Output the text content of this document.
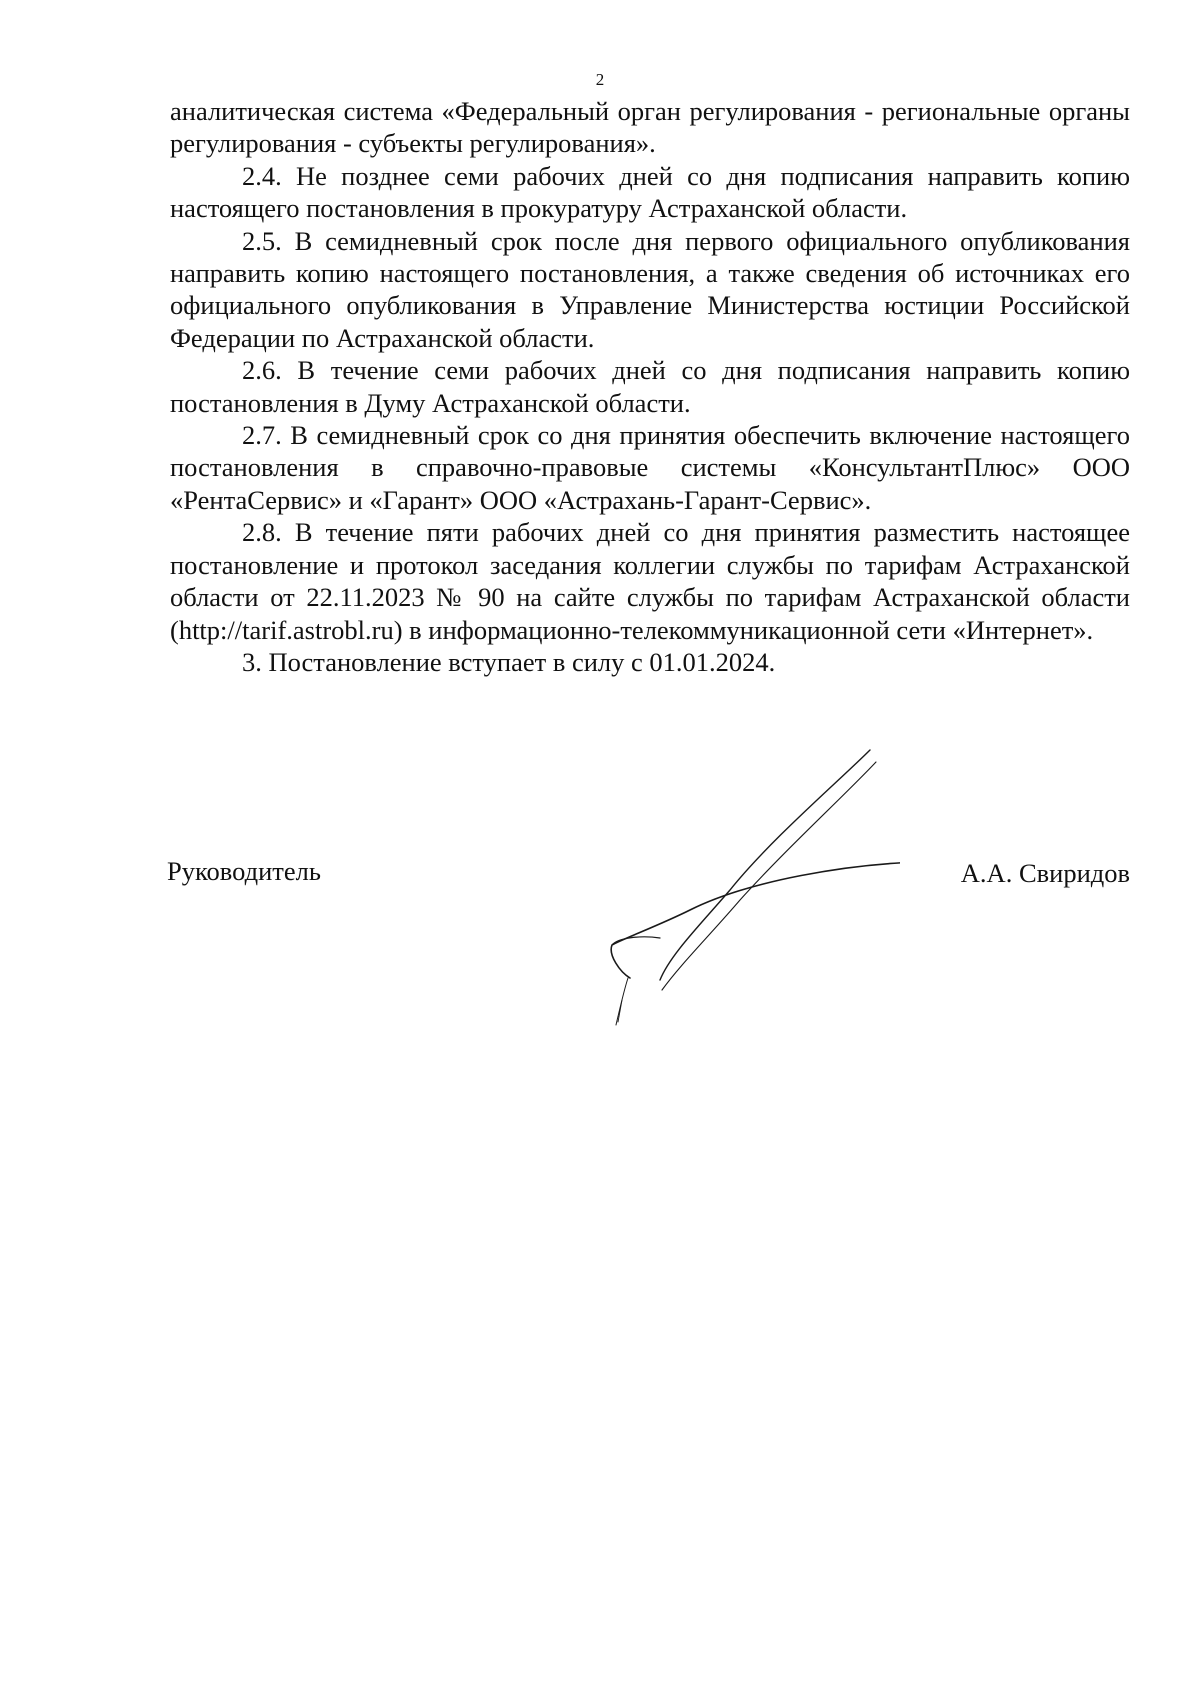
2

аналитическая система «Федеральный орган регулирования - региональные органы регулирования - субъекты регулирования».

2.4. Не позднее семи рабочих дней со дня подписания направить копию настоящего постановления в прокуратуру Астраханской области.

2.5. В семидневный срок после дня первого официального опубликования направить копию настоящего постановления, а также сведения об источниках его официального опубликования в Управление Министерства юстиции Российской Федерации по Астраханской области.

2.6. В течение семи рабочих дней со дня подписания направить копию постановления в Думу Астраханской области.

2.7. В семидневный срок со дня принятия обеспечить включение настоящего постановления в справочно-правовые системы «КонсультантПлюс» ООО «РентаСервис» и «Гарант» ООО «Астрахань-Гарант-Сервис».

2.8. В течение пяти рабочих дней со дня принятия разместить настоящее постановление и протокол заседания коллегии службы по тарифам Астраханской области от 22.11.2023 № 90 на сайте службы по тарифам Астраханской области (http://tarif.astrobl.ru) в информационно-телекоммуникационной сети «Интернет».

3. Постановление вступает в силу с 01.01.2024.

Руководитель	А.А. Свиридов
